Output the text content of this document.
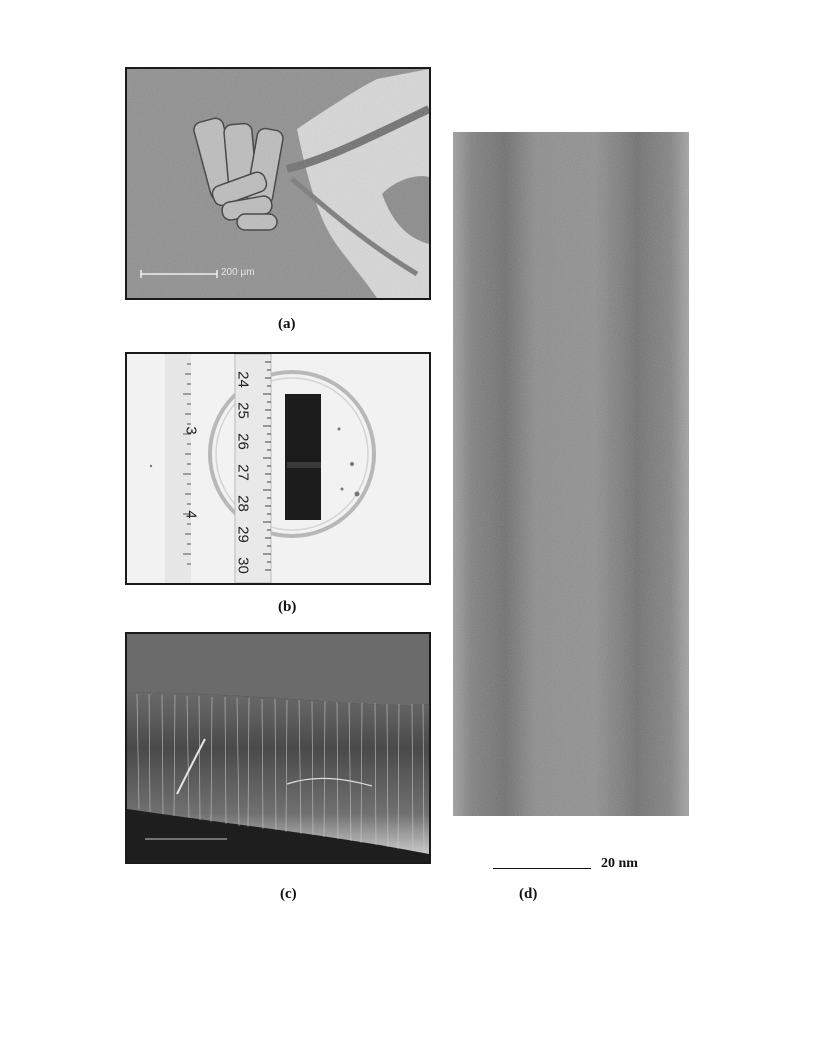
200 µm
(a)
24
25
26
27
28
29
30
3
4
(b)
(c)
20 nm
(d)
